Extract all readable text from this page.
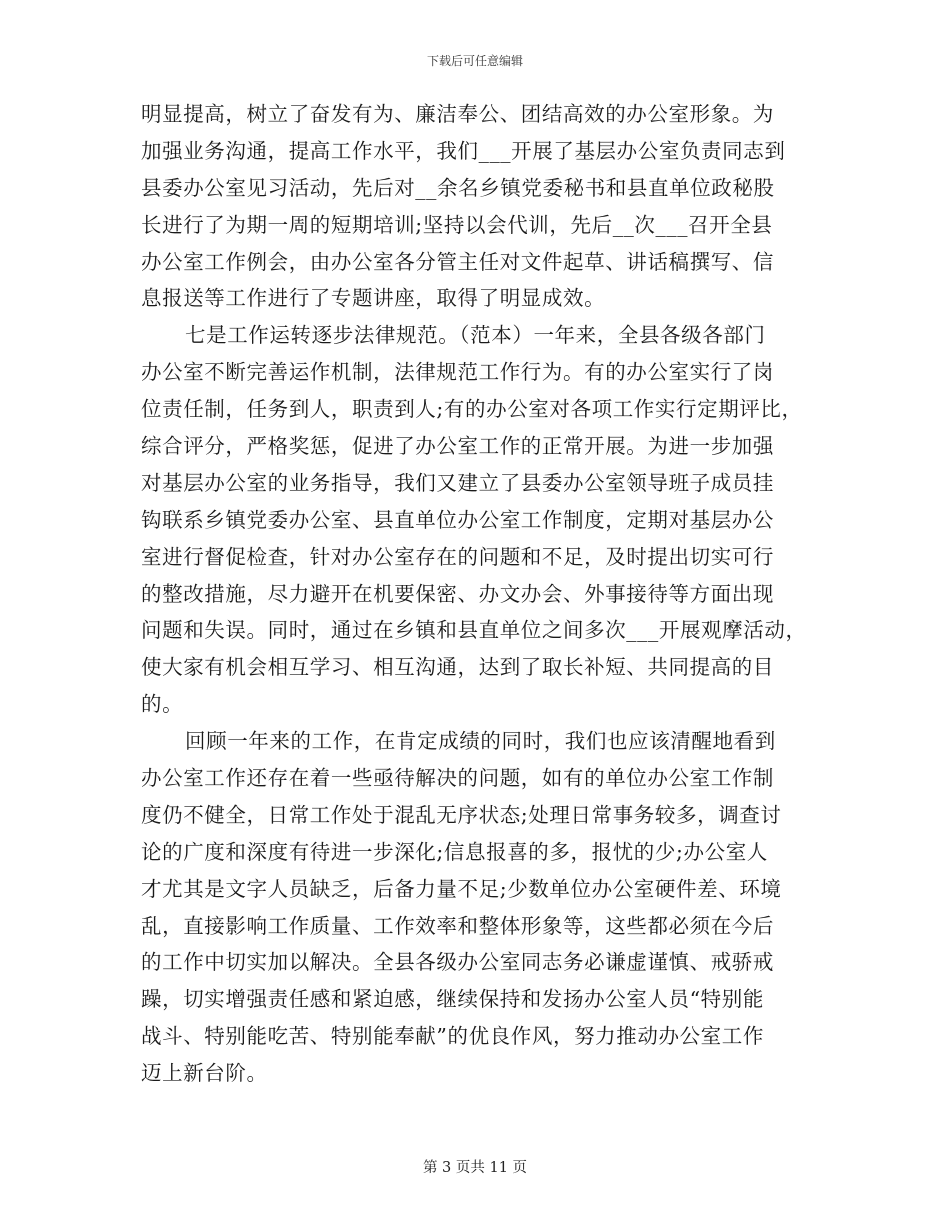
下载后可任意编辑
明显提高，树立了奋发有为、廉洁奉公、团结高效的办公室形象。为
加强业务沟通，提高工作水平，我们___开展了基层办公室负责同志到
县委办公室见习活动，先后对__余名乡镇党委秘书和县直单位政秘股
长进行了为期一周的短期培训;坚持以会代训，先后__次___召开全县
办公室工作例会，由办公室各分管主任对文件起草、讲话稿撰写、信
息报送等工作进行了专题讲座，取得了明显成效。
七是工作运转逐步法律规范。（范本）一年来，全县各级各部门
办公室不断完善运作机制，法律规范工作行为。有的办公室实行了岗
位责任制，任务到人，职责到人;有的办公室对各项工作实行定期评比，
综合评分，严格奖惩，促进了办公室工作的正常开展。为进一步加强
对基层办公室的业务指导，我们又建立了县委办公室领导班子成员挂
钩联系乡镇党委办公室、县直单位办公室工作制度，定期对基层办公
室进行督促检查，针对办公室存在的问题和不足，及时提出切实可行
的整改措施，尽力避开在机要保密、办文办会、外事接待等方面出现
问题和失误。同时，通过在乡镇和县直单位之间多次___开展观摩活动，
使大家有机会相互学习、相互沟通，达到了取长补短、共同提高的目
的。
回顾一年来的工作，在肯定成绩的同时，我们也应该清醒地看到
办公室工作还存在着一些亟待解决的问题，如有的单位办公室工作制
度仍不健全，日常工作处于混乱无序状态;处理日常事务较多，调查讨
论的广度和深度有待进一步深化;信息报喜的多，报忧的少;办公室人
才尤其是文字人员缺乏，后备力量不足;少数单位办公室硬件差、环境
乱，直接影响工作质量、工作效率和整体形象等，这些都必须在今后
的工作中切实加以解决。全县各级办公室同志务必谦虚谨慎、戒骄戒
躁，切实增强责任感和紧迫感，继续保持和发扬办公室人员“特别能
战斗、特别能吃苦、特别能奉献”的优良作风，努力推动办公室工作
迈上新台阶。
第 3 页共 11 页
